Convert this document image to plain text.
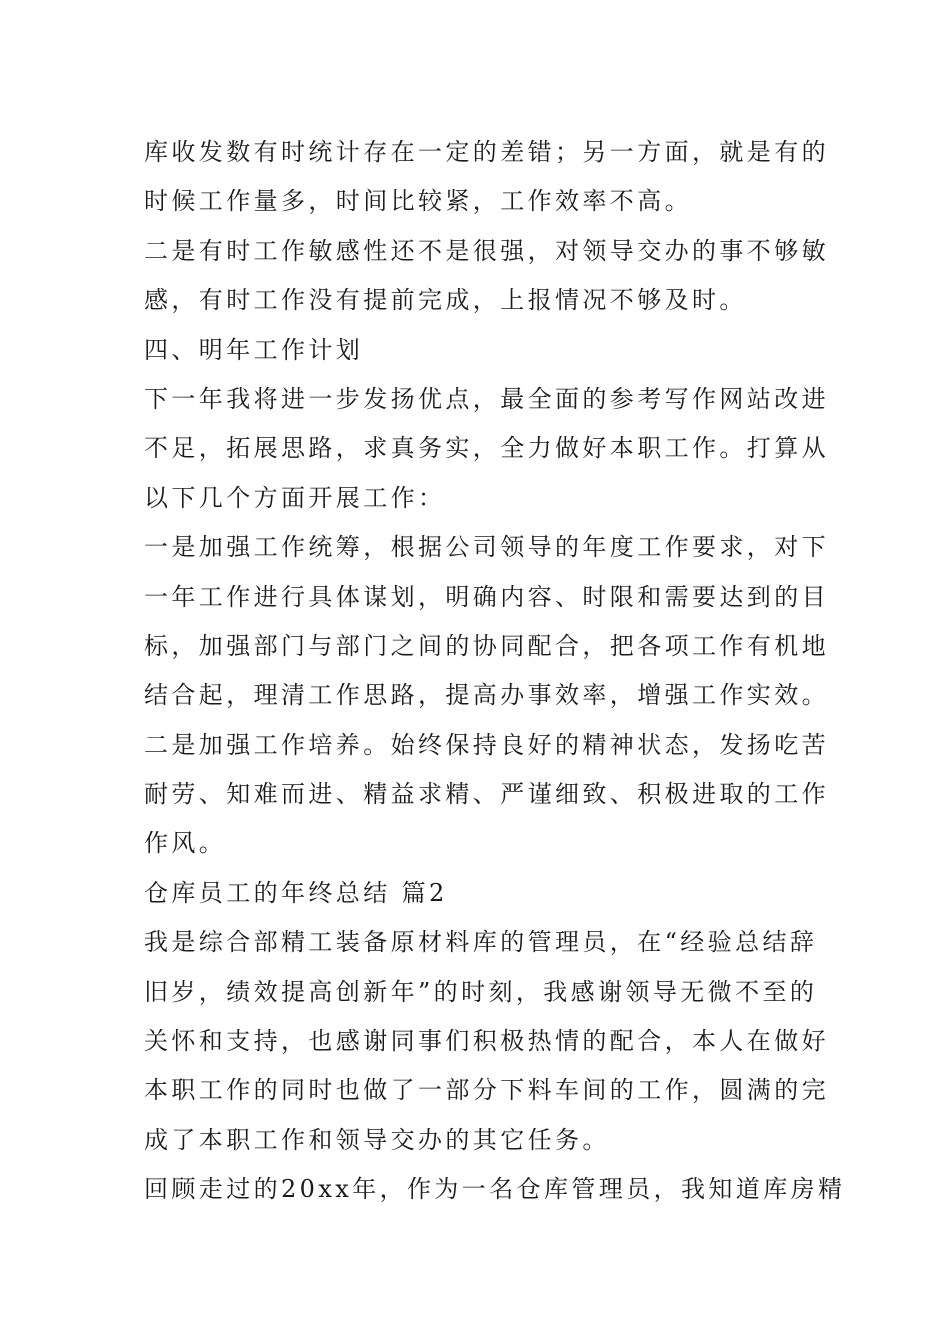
库收发数有时统计存在一定的差错；另一方面，就是有的
时候工作量多，时间比较紧，工作效率不高。
二是有时工作敏感性还不是很强，对领导交办的事不够敏
感，有时工作没有提前完成，上报情况不够及时。
四、明年工作计划
下一年我将进一步发扬优点，最全面的参考写作网站改进
不足，拓展思路，求真务实，全力做好本职工作。打算从
以下几个方面开展工作：
一是加强工作统筹，根据公司领导的年度工作要求，对下
一年工作进行具体谋划，明确内容、时限和需要达到的目
标，加强部门与部门之间的协同配合，把各项工作有机地
结合起，理清工作思路，提高办事效率，增强工作实效。
二是加强工作培养。始终保持良好的精神状态，发扬吃苦
耐劳、知难而进、精益求精、严谨细致、积极进取的工作
作风。
仓库员工的年终总结 篇2
我是综合部精工装备原材料库的管理员，在“经验总结辞
旧岁，绩效提高创新年”的时刻，我感谢领导无微不至的
关怀和支持，也感谢同事们积极热情的配合，本人在做好
本职工作的同时也做了一部分下料车间的工作，圆满的完
成了本职工作和领导交办的其它任务。
回顾走过的20xx年，作为一名仓库管理员，我知道库房精
